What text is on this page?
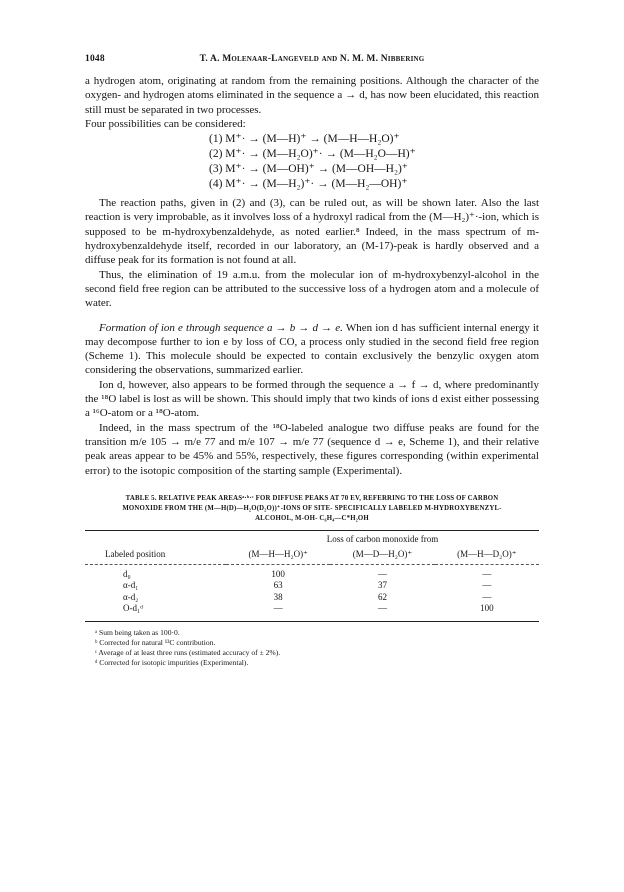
1048	T. A. Molenaar-Langeveld and N. M. M. Nibbering

a hydrogen atom, originating at random from the remaining positions. Although the character of the oxygen- and hydrogen atoms eliminated in the sequence a → d, has now been elucidated, this reaction still must be separated in two processes.

Four possibilities can be considered:

(1) M⁺· → (M—H)⁺ → (M—H—H₂O)⁺
(2) M⁺· → (M—H₂O)⁺· → (M—H₂O—H)⁺
(3) M⁺· → (M—OH)⁺ → (M—OH—H₂)⁺
(4) M⁺· → (M—H₂)⁺· → (M—H₂—OH)⁺

The reaction paths, given in (2) and (3), can be ruled out, as will be shown later. Also the last reaction is very improbable, as it involves loss of a hydroxyl radical from the (M—H₂)⁺·-ion, which is supposed to be m-hydroxybenzaldehyde, as noted earlier.⁸ Indeed, in the mass spectrum of m-hydroxybenzaldehyde itself, recorded in our laboratory, an (M-17)-peak is hardly observed and a diffuse peak for its formation is not found at all.

Thus, the elimination of 19 a.m.u. from the molecular ion of m-hydroxybenzyl-alcohol in the second field free region can be attributed to the successive loss of a hydrogen atom and a molecule of water.

Formation of ion e through sequence a → b → d → e. When ion d has sufficient internal energy it may decompose further to ion e by loss of CO, a process only studied in the second field free region (Scheme 1). This molecule should be expected to contain exclusively the benzylic oxygen atom considering the observations, summarized earlier.

Ion d, however, also appears to be formed through the sequence a → f → d, where predominantly the ¹⁸O label is lost as will be shown. This should imply that two kinds of ions d exist either possessing a ¹⁶O-atom or a ¹⁸O-atom.

Indeed, in the mass spectrum of the ¹⁸O-labeled analogue two diffuse peaks are found for the transition m/e 105 → m/e 77 and m/e 107 → m/e 77 (sequence d → e, Scheme 1), and their relative peak areas appear to be 45% and 55%, respectively, these figures corresponding (within experimental error) to the isotopic composition of the starting sample (Experimental).

TABLE 5. RELATIVE PEAK AREASᵃ·ᵇ·ᶜ FOR DIFFUSE PEAKS AT 70 EV, REFERRING TO THE LOSS OF CARBON
MONOXIDE FROM THE (M—H(D)—H₂O(D₂O))⁺-IONS OF SITE- SPECIFICALLY LABELED M-HYDROXYBENZYL-
ALCOHOL, M-OH- C₆H₄—C*H₂OH
	Loss of carbon monoxide from		
Labeled position	(M—H—H₂O)⁺	(M—D—H₂O)⁺	(M—H—D₂O)⁺
d₀	100	—	—
α-d₁	63	37	—
α-d₂	38	62	—
O-d₁ᵈ	—	—	100
ᵃ Sum being taken as 100·0.
ᵇ Corrected for natural ¹³C contribution.
ᶜ Average of at least three runs (estimated accuracy of ± 2%).
ᵈ Corrected for isotopic impurities (Experimental).
